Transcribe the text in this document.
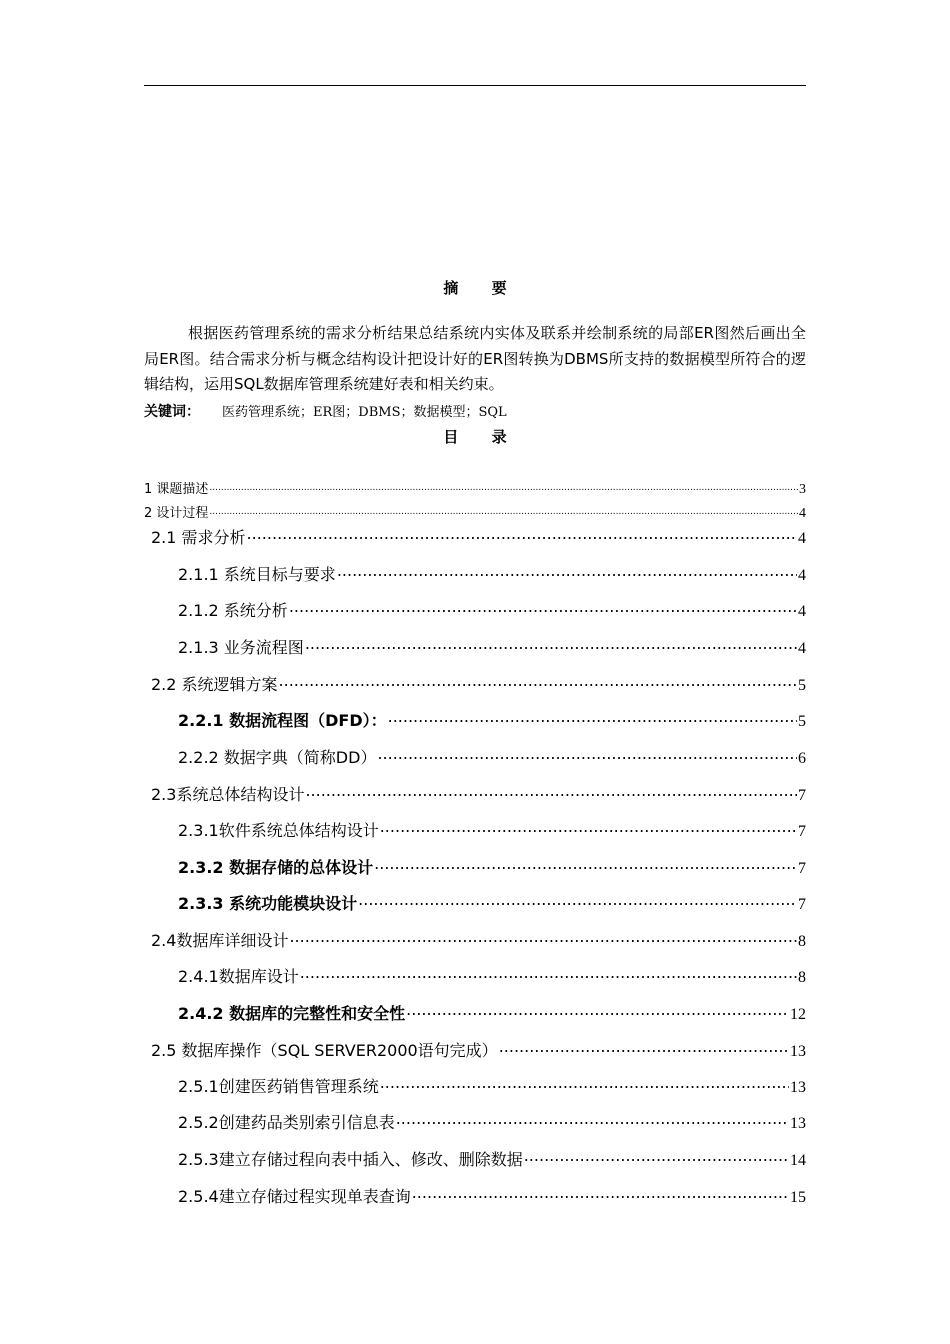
摘 要
根据医药管理系统的需求分析结果总结系统内实体及联系并绘制系统的局部ER图然后画出全局ER图。结合需求分析与概念结构设计把设计好的ER图转换为DBMS所支持的数据模型所符合的逻辑结构，运用SQL数据库管理系统建好表和相关约束。
关键词： 医药管理系统；ER图；DBMS；数据模型；SQL
目 录
1 课题描述 .....	3
2 设计过程 .....	4
2.1 需求分析 .....	4
2.1.1 系统目标与要求 .....	4
2.1.2 系统分析 .....	4
2.1.3 业务流程图 .....	4
2.2 系统逻辑方案 .....	5
2.2.1 数据流程图（DFD）： .....	5
2.2.2 数据字典（简称DD） .....	6
2.3系统总体结构设计 .....	7
2.3.1软件系统总体结构设计 .....	7
2.3.2 数据存储的总体设计 .....	7
2.3.3 系统功能模块设计 .....	7
2.4数据库详细设计 .....	8
2.4.1数据库设计 .....	8
2.4.2 数据库的完整性和安全性 .....	12
2.5 数据库操作（SQL SERVER2000语句完成） .....	13
2.5.1创建医药销售管理系统 .....	13
2.5.2创建药品类别索引信息表 .....	13
2.5.3建立存储过程向表中插入、修改、删除数据 .....	14
2.5.4建立存储过程实现单表查询 .....	15
